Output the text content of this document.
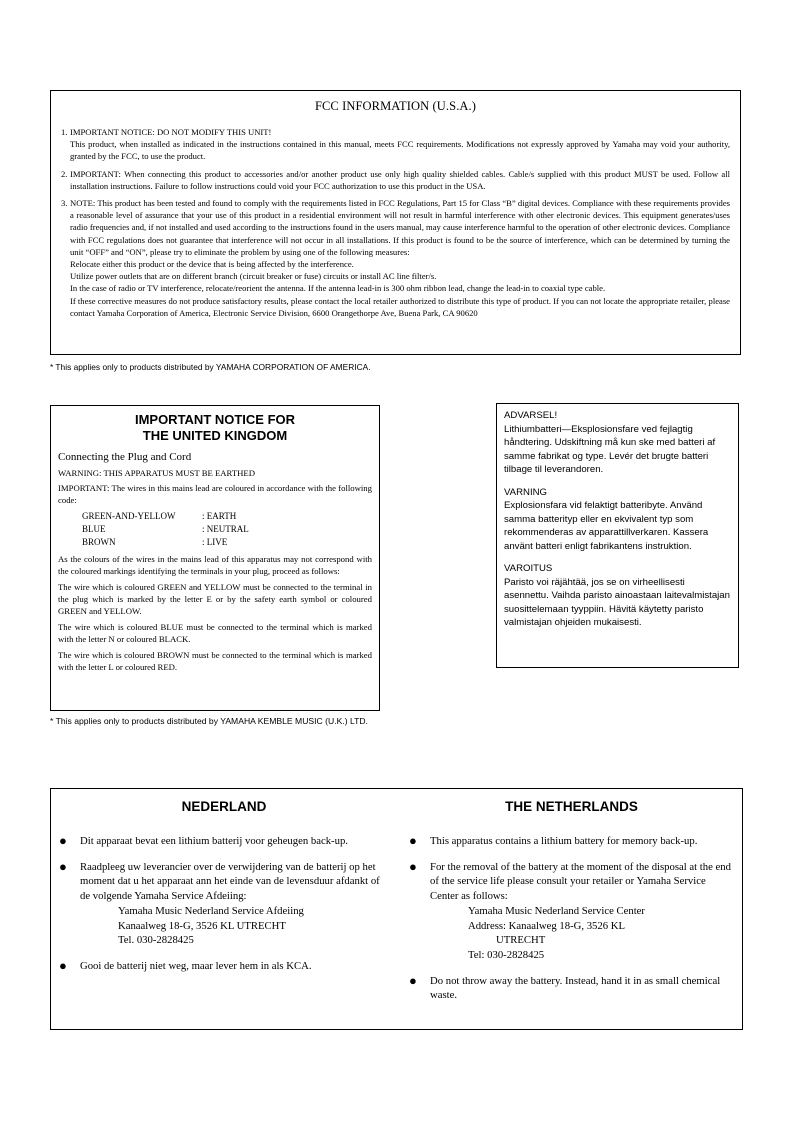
FCC INFORMATION (U.S.A.)
1. IMPORTANT NOTICE: DO NOT MODIFY THIS UNIT!

This product, when installed as indicated in the instructions contained in this manual, meets FCC requirements. Modifications not expressly approved by Yamaha may void your authority, granted by the FCC, to use the product.

2. IMPORTANT: When connecting this product to accessories and/or another product use only high quality shielded cables. Cable/s supplied with this product MUST be used. Follow all installation instructions. Failure to follow instructions could void your FCC authorization to use this product in the USA.

3. NOTE: This product has been tested and found to comply with the requirements listed in FCC Regulations, Part 15 for Class “B” digital devices. Compliance with these requirements provides a reasonable level of assurance that your use of this product in a residential environment will not result in harmful interference with other electronic devices. This equipment generates/uses radio frequencies and, if not installed and used according to the instructions found in the users manual, may cause interference harmful to the operation of other electronic devices. Compliance with FCC regulations does not guarantee that interference will not occur in all installations. If this product is found to be the source of interference, which can be determined by turning the unit “OFF” and “ON”, please try to eliminate the problem by using one of the following measures:

Relocate either this product or the device that is being affected by the interference.

Utilize power outlets that are on different branch (circuit breaker or fuse) circuits or install AC line filter/s.

In the case of radio or TV interference, relocate/reorient the antenna. If the antenna lead-in is 300 ohm ribbon lead, change the lead-in to coaxial type cable.

If these corrective measures do not produce satisfactory results, please contact the local retailer authorized to distribute this type of product. If you can not locate the appropriate retailer, please contact Yamaha Corporation of America, Electronic Service Division, 6600 Orangethorpe Ave, Buena Park, CA 90620

* This applies only to products distributed by YAMAHA CORPORATION OF AMERICA.
IMPORTANT NOTICE FOR
THE UNITED KINGDOM
Connecting the Plug and Cord
WARNING: THIS APPARATUS MUST BE EARTHED
IMPORTANT: The wires in this mains lead are coloured in accordance with the following code:
GREEN-AND-YELLOW	: EARTH
BLUE	: NEUTRAL
BROWN	: LIVE
As the colours of the wires in the mains lead of this apparatus may not correspond with the coloured markings identifying the terminals in your plug, proceed as follows:
The wire which is coloured GREEN and YELLOW must be connected to the terminal in the plug which is marked by the letter E or by the safety earth symbol or coloured GREEN and YELLOW.
The wire which is coloured BLUE must be connected to the terminal which is marked with the letter N or coloured BLACK.
The wire which is coloured BROWN must be connected to the terminal which is marked with the letter L or coloured RED.
* This applies only to products distributed by YAMAHA KEMBLE MUSIC (U.K.) LTD.

ADVARSEL!

Lithiumbatteri—Eksplosionsfare ved fejlagtig håndtering. Udskiftning må kun ske med batteri af samme fabrikat og type. Levér det brugte batteri tilbage til leverandoren.

VARNING

Explosionsfara vid felaktigt batteribyte. Använd samma batterityp eller en ekvivalent typ som rekommenderas av apparattillverkaren. Kassera använt batteri enligt fabrikantens instruktion.

VAROITUS

Paristo voi räjähtää, jos se on virheellisesti asennettu. Vaihda paristo ainoastaan laitevalmistajan suosittelemaan tyyppiin. Hävitä käytetty paristo valmistajan ohjeiden mukaisesti.

NEDERLAND
●	Dit apparaat bevat een lithium batterij voor geheugen back-up.

●	Raadpleeg uw leverancier over de verwijdering van de batterij op het moment dat u het apparaat ann het einde van de levensduur afdankt of de volgende Yamaha Service Afdeiing:

Yamaha Music Nederland Service Afdeiing

Kanaalweg 18-G, 3526 KL UTRECHT

Tel. 030-2828425

●	Gooi de batterij niet weg, maar lever hem in als KCA.

THE NETHERLANDS
●	This apparatus contains a lithium battery for memory back-up.

●	For the removal of the battery at the moment of the disposal at the end of the service life please consult your retailer or Yamaha Service Center as follows:

Yamaha Music Nederland Service Center

Address: Kanaalweg 18-G, 3526 KL

UTRECHT

Tel: 030-2828425

●	Do not throw away the battery. Instead, hand it in as small chemical waste.
